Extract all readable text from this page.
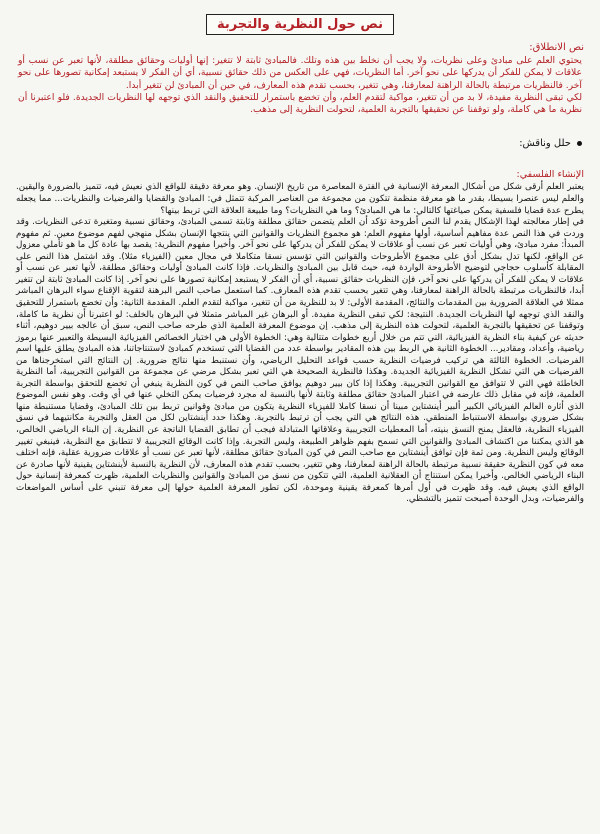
نص حول النظرية والتجربة
نص الانطلاق:
يحتوي العلم على مبادئ وعلى نظريات، ولا يجب أن نخلط بين هذه وتلك. فالمبادئ ثابتة لا تتغير: إنها أوليات وحقائق مطلقة، لأنها تعبر عن نسب أو علاقات لا يمكن للفكر أن يدركها على نحو آخر. أما النظريات، فهي على العكس من ذلك حقائق نسبية، أي أن الفكر لا يستبعد إمكانية تصورها على نحو آخر. فالنظريات مرتبطة بالحالة الراهنة لمعارفنا، وهي تتغير، بحسب تقدم هذه المعارف، في حين أن المبادئ لن تتغير أبدا.
لكي تبقى النظرية مفيدة، لا بد من أن تتغير، مواكبة لتقدم العلم، وأن تخضع باستمرار للتحقيق والنقد الذي توجهه لها النظريات الجديدة. فلو اعتبرنا أن نظرية ما هي كاملة، ولو توقفنا عن تحقيقها بالتجربة العلمية، لتحولت النظرية إلى مذهب.
حلل وناقش:
الإنشاء الفلسفي:
يعتبر العلم أرقى شكل من أشكال المعرفة الإنسانية في الفترة المعاصرة من تاريخ الإنسان. وهو معرفة دقيقة للواقع الذي نعيش فيه، تتميز بالضرورة واليقين. والعلم ليس عنصرا بسيطا، بقدر ما هو معرفة منظمة تتكون من مجموعة من العناصر المركبة تتمثل في: المبادئ والقضايا والفرضيات والنظريات... مما يجعله يطرح عدة قضايا فلسفية يمكن صياغتها كالتالي: ما هي المبادئ؟ وما هي النظريات؟ وما طبيعة العلاقة التي تربط بينها؟
في إطار معالجته لهذا الإشكال يقدم لنا النص أطروحة تؤكد أن العلم يتضمن حقائق مطلقة وثابتة تسمى المبادئ، وحقائق نسبية ومتغيرة تدعى النظريات. وقد وردت في هذا النص عدة مفاهيم أساسية، أولها مفهوم العلم: هو مجموع النظريات والقوانين التي ينتجها الإنسان بشكل منهجي لفهم موضوع معين. ثم مفهوم المبدأ: مفرد مبادئ، وهي أوليات تعبر عن نسب أو علاقات لا يمكن للفكر أن يدركها على نحو آخر. وأخيرا مفهوم النظرية: يقصد بها عادة كل ما هو تأملي معزول عن الواقع، لكنها تدل بشكل أدق على مجموع الأطروحات والقوانين التي تؤسس نسقا متكاملا في مجال معين (الفيزياء مثلا). وقد اشتمل هذا النص على المقابلة كأسلوب حجاجي لتوضيح الأطروحة الواردة فيه، حيث قابل بين المبادئ والنظريات. فإذا كانت المبادئ أوليات وحقائق مطلقة، لأنها تعبر عن نسب أو علاقات لا يمكن للفكر أن يدركها على نحو آخر، فإن النظريات حقائق نسبية، أي أن الفكر لا يستبعد إمكانية تصورها على نحو آخر. إذا كانت المبادئ ثابتة لن تتغير أبدا، فالنظريات مرتبطة بالحالة الراهنة لمعارفنا، وهي تتغير بحسب تقدم هذه المعارف. كما استعمل صاحب النص البرهنة لتقوية الإقناع سواء البرهان المباشر ممثلا في العلاقة الضرورية بين المقدمات والنتائج، المقدمة الأولى: لا بد للنظرية من أن تتغير، مواكبة لتقدم العلم. المقدمة الثانية: وأن تخضع باستمرار للتحقيق والنقد الذي توجهه لها النظريات الجديدة. النتيجة: لكي تبقى النظرية مفيدة. أو البرهان غير المباشر متمثلا في البرهان بالخلف: لو اعتبرنا أن نظرية ما كاملة، وتوقفنا عن تحقيقها بالتجربة العلمية، لتحولت هذه النظرية إلى مذهب. إن موضوع المعرفة العلمية الذي طرحه صاحب النص، سبق أن عالجه بيير دوهيم، أثناء حديثه عن كيفية بناء النظرية الفيزيائية، التي تتم من خلال أربع خطوات متتالية وهي: الخطوة الأولى هي اختيار الخصائص الفيزيائية البسيطة والتعبير عنها برموز رياضية، وأعداد، ومقادير... الخطوة الثانية هي الربط بين هذه المقادير بواسطة عدد من القضايا التي تستخدم كمبادئ لاستنتاجاتنا، هذه المبادئ يطلق عليها اسم الفرضيات. الخطوة الثالثة هي تركيب فرضيات النظرية حسب قواعد التحليل الرياضي، وأن نستنبط منها نتائج ضرورية. إن النتائج التي استخرجناها من الفرضيات هي التي تشكل النظرية الفيزيائية الجديدة. وهكذا فالنظرية الصحيحة هي التي تعبر بشكل مرضي عن مجموعة من القوانين التجريبية، أما النظرية الخاطئة فهي التي لا تتوافق مع القوانين التجريبية. وهكذا إذا كان بيير دوهيم يوافق صاحب النص في كون النظرية ينبغي أن تخضع للتحقق بواسطة التجربة العلمية، فإنه في مقابل ذلك عارضه في اعتبار المبادئ حقائق مطلقة وثابتة لأنها بالنسبة له مجرد فرضيات يمكن التخلي عنها في أي وقت. وهو نفس الموضوع الذي أثاره العالم الفيزيائي الكبير ألبير أينشتاين مبينا أن نسقا كاملا للفيزياء النظرية يتكون من مبادئ وقوانين تربط بين تلك المبادئ، وقضايا مستنبطة منها بشكل ضروري بواسطة الاستنباط المنطقي. هذه النتائج هي التي يجب أن ترتبط بالتجربة. وهكذا حدد أينشتاين لكل من العقل والتجربة مكانتيهما في نسق الفيزياء النظرية، فالعقل يمنح النسق بنيته، أما المعطيات التجريبية وعلاقاتها المتبادلة فيجب أن تطابق القضايا الناتجة عن النظرية. إن البناء الرياضي الخالص، هو الذي يمكننا من اكتشاف المبادئ والقوانين التي تسمح بفهم ظواهر الطبيعة، وليس التجربة. وإذا كانت الوقائع التجريبية لا تتطابق مع النظرية، فينبغي تغيير الوقائع وليس النظرية. ومن ثمة فإن توافق أينشتاين مع صاحب النص في كون المبادئ حقائق مطلقة، لأنها تعبر عن نسب أو علاقات ضرورية عقلية، فإنه اختلف معه في كون النظرية حقيقة نسبية مرتبطة بالحالة الراهنة لمعارفنا، وهي تتغير، بحسب تقدم هذه المعارف، لأن النظرية بالنسبة لأينشتاين يقينية لأنها صادرة عن البناء الرياضي الخالص. وأخيرا يمكن استنتاج أن العقلانية العلمية، التي تتكون من نسق من المبادئ والقوانين والنظريات العلمية، ظهرت كمعرفة إنسانية حول الواقع الذي يعيش فيه. وقد ظهرت في أول أمرها كمعرفة يقينية وموحدة، لكن تطور المعرفة العلمية حولها إلى معرفة تنبني على أساس المواضعات والفرضيات، وبدل الوحدة أصبحت تتميز بالتشظي.
